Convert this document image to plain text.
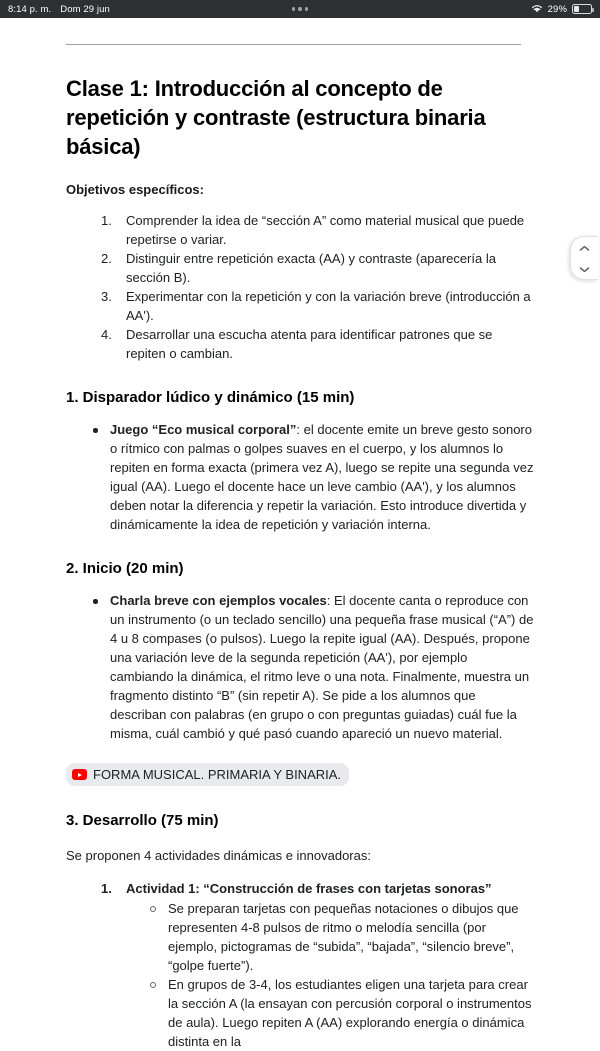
8:14 p. m. Dom 29 jun	29%
Clase 1: Introducción al concepto de repetición y contraste (estructura binaria básica)
Objetivos específicos:
Comprender la idea de “sección A” como material musical que puede repetirse o variar.
Distinguir entre repetición exacta (AA) y contraste (aparecería la sección B).
Experimentar con la repetición y con la variación breve (introducción a AA').
Desarrollar una escucha atenta para identificar patrones que se repiten o cambian.
1. Disparador lúdico y dinámico (15 min)
Juego “Eco musical corporal”: el docente emite un breve gesto sonoro o rítmico con palmas o golpes suaves en el cuerpo, y los alumnos lo repiten en forma exacta (primera vez A), luego se repite una segunda vez igual (AA). Luego el docente hace un leve cambio (AA'), y los alumnos deben notar la diferencia y repetir la variación. Esto introduce divertida y dinámicamente la idea de repetición y variación interna.
2. Inicio (20 min)
Charla breve con ejemplos vocales: El docente canta o reproduce con un instrumento (o un teclado sencillo) una pequeña frase musical (“A”) de 4 u 8 compases (o pulsos). Luego la repite igual (AA). Después, propone una variación leve de la segunda repetición (AA'), por ejemplo cambiando la dinámica, el ritmo leve o una nota. Finalmente, muestra un fragmento distinto “B” (sin repetir A). Se pide a los alumnos que describan con palabras (en grupo o con preguntas guiadas) cuál fue la misma, cuál cambió y qué pasó cuando apareció un nuevo material.
FORMA MUSICAL. PRIMARIA Y BINARIA.
3. Desarrollo (75 min)
Se proponen 4 actividades dinámicas e innovadoras:
Actividad 1: “Construcción de frases con tarjetas sonoras”
Se preparan tarjetas con pequeñas notaciones o dibujos que representen 4-8 pulsos de ritmo o melodía sencilla (por ejemplo, pictogramas de “subida”, “bajada”, “silencio breve”, “golpe fuerte”).
En grupos de 3-4, los estudiantes eligen una tarjeta para crear la sección A (la ensayan con percusión corporal o instrumentos de aula). Luego repiten A (AA) explorando energía o dinámica distinta en la
